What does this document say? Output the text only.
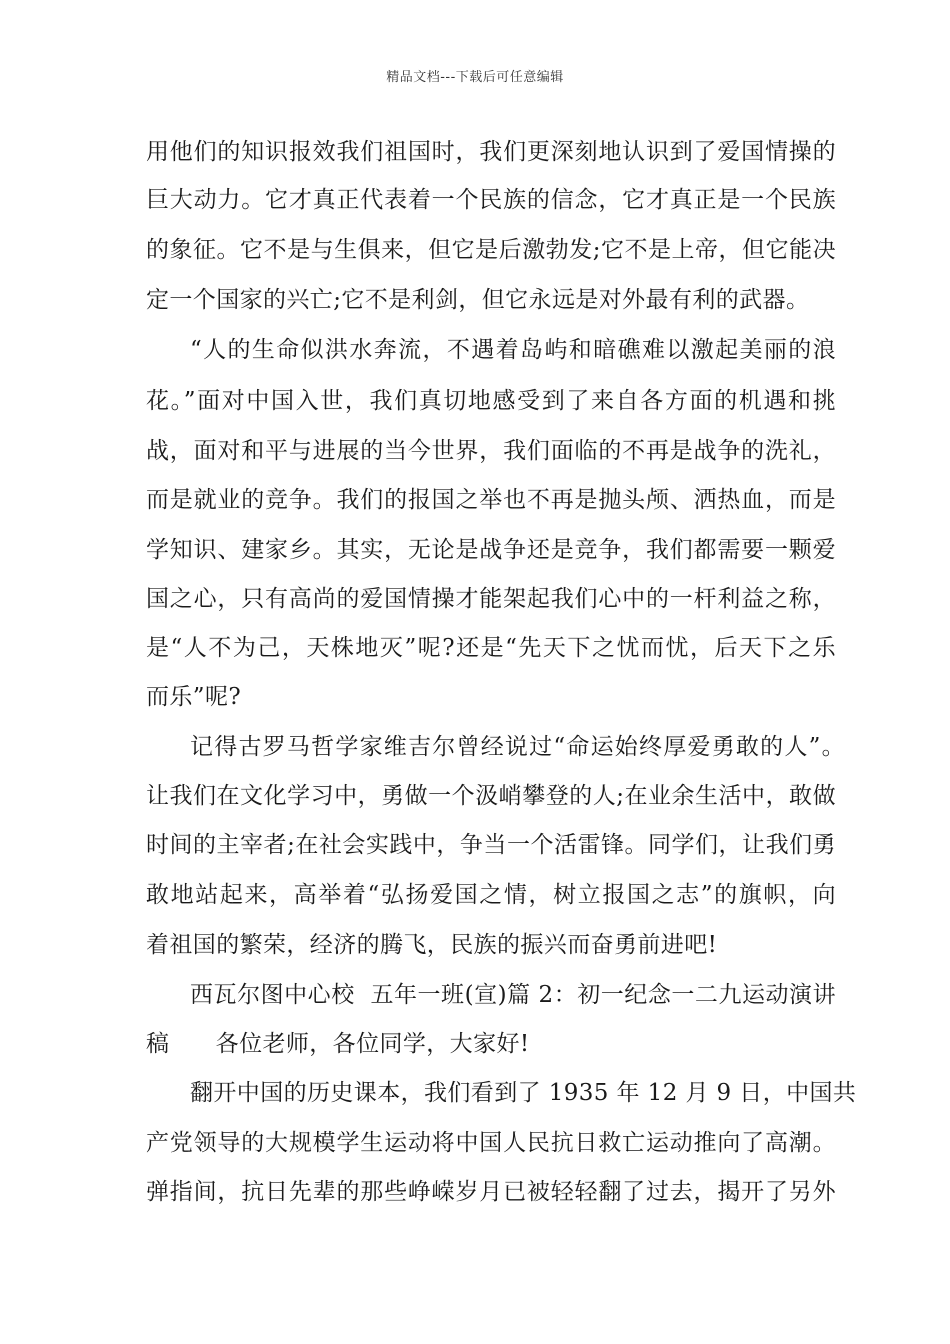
精品文档---下载后可任意编辑
用他们的知识报效我们祖国时，我们更深刻地认识到了爱国情操的
巨大动力。它才真正代表着一个民族的信念，它才真正是一个民族
的象征。它不是与生俱来，但它是后激勃发;它不是上帝，但它能决
定一个国家的兴亡;它不是利剑，但它永远是对外最有利的武器。
“人的生命似洪水奔流，不遇着岛屿和暗礁难以激起美丽的浪
花。”面对中国入世，我们真切地感受到了来自各方面的机遇和挑
战，面对和平与进展的当今世界，我们面临的不再是战争的洗礼，
而是就业的竞争。我们的报国之举也不再是抛头颅、洒热血，而是
学知识、建家乡。其实，无论是战争还是竞争，我们都需要一颗爱
国之心，只有高尚的爱国情操才能架起我们心中的一杆利益之称，
是“人不为己，天株地灭”呢?还是“先天下之忧而忧，后天下之乐
而乐”呢?
记得古罗马哲学家维吉尔曾经说过“命运始终厚爱勇敢的人”。
让我们在文化学习中，勇做一个汲峭攀登的人;在业余生活中，敢做
时间的主宰者;在社会实践中，争当一个活雷锋。同学们，让我们勇
敢地站起来，高举着“弘扬爱国之情，树立报国之志”的旗帜，向
着祖国的繁荣，经济的腾飞，民族的振兴而奋勇前进吧!
西瓦尔图中心校  五年一班(宣)篇 2：初一纪念一二九运动演讲
稿      各位老师，各位同学，大家好!
翻开中国的历史课本，我们看到了 1935 年 12 月 9 日，中国共
产党领导的大规模学生运动将中国人民抗日救亡运动推向了高潮。
弹指间，抗日先辈的那些峥嵘岁月已被轻轻翻了过去，揭开了另外
